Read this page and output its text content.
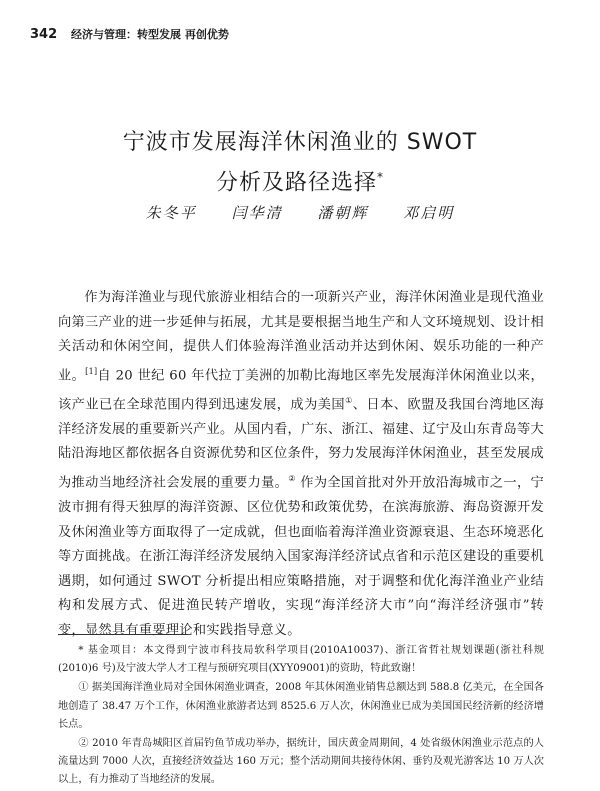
342 经济与管理：转型发展 再创优势
宁波市发展海洋休闲渔业的 SWOT
分析及路径选择*
朱冬平 闫华清 潘朝辉 邓启明

作为海洋渔业与现代旅游业相结合的一项新兴产业，海洋休闲渔业是现代渔业向第三产业的进一步延伸与拓展，尤其是要根据当地生产和人文环境规划、设计相关活动和休闲空间，提供人们体验海洋渔业活动并达到休闲、娱乐功能的一种产业。[1]自 20 世纪 60 年代拉丁美洲的加勒比海地区率先发展海洋休闲渔业以来，该产业已在全球范围内得到迅速发展，成为美国①、日本、欧盟及我国台湾地区海洋经济发展的重要新兴产业。从国内看，广东、浙江、福建、辽宁及山东青岛等大陆沿海地区都依据各自资源优势和区位条件，努力发展海洋休闲渔业，甚至发展成为推动当地经济社会发展的重要力量。② 作为全国首批对外开放沿海城市之一，宁波市拥有得天独厚的海洋资源、区位优势和政策优势，在滨海旅游、海岛资源开发及休闲渔业等方面取得了一定成就，但也面临着海洋渔业资源衰退、生态环境恶化等方面挑战。在浙江海洋经济发展纳入国家海洋经济试点省和示范区建设的重要机遇期，如何通过 SWOT 分析提出相应策略措施，对于调整和优化海洋渔业产业结构和发展方式、促进渔民转产增收，实现“海洋经济大市”向“海洋经济强市”转变，显然具有重要理论和实践指导意义。

* 基金项目：本文得到宁波市科技局软科学项目(2010A10037)、浙江省哲社规划课题(浙社科规(2010)6 号)及宁波大学人才工程与预研究项目(XYY09001)的资助，特此致谢！

① 据美国海洋渔业局对全国休闲渔业调查，2008 年其休闲渔业销售总额达到 588.8 亿美元，在全国各地创造了 38.47 万个工作，休闲渔业旅游者达到 8525.6 万人次，休闲渔业已成为美国国民经济新的经济增长点。

② 2010 年青岛城阳区首届钓鱼节成功举办，据统计，国庆黄金周期间，4 处省级休闲渔业示范点的人流量达到 7000 人次，直接经济效益达 160 万元；整个活动期间共接待休闲、垂钓及观光游客达 10 万人次以上，有力推动了当地经济的发展。
